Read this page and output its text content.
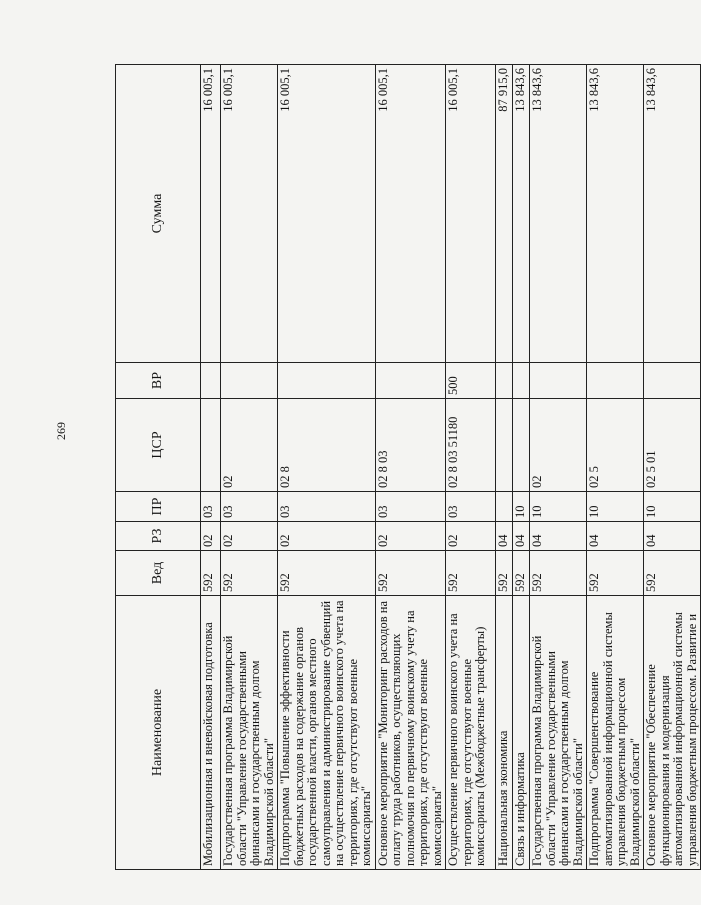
269
Наименование	Вед	РЗ	ПР	ЦСР	ВР	Сумма
Мобилизационная и вневойсковая подготовка	592	02	03			16 005,1
Государственная программа Владимирской области "Управление государственными финансами и государственным долгом Владимирской области"	592	02	03	02		16 005,1
Подпрограмма "Повышение эффективности бюджетных расходов на содержание органов государственной власти, органов местного самоуправления и администрирование субвенций на осуществление первичного воинского учета на территориях, где отсутствуют военные комиссариаты"	592	02	03	02 8		16 005,1
Основное мероприятие "Мониторинг расходов на оплату труда работников, осуществляющих полномочия по первичному воинскому учету на территориях, где отсутствуют военные комиссариаты"	592	02	03	02 8 03		16 005,1
Осуществление первичного воинского учета на территориях, где отсутствуют военные комиссариаты (Межбюджетные трансферты)	592	02	03	02 8 03 51180	500	16 005,1
Национальная экономика	592	04				87 915,0
Связь и информатика	592	04	10			13 843,6
Государственная программа Владимирской области "Управление государственными финансами и государственным долгом Владимирской области"	592	04	10	02		13 843,6
Подпрограмма "Совершенствование автоматизированной информационной системы управления бюджетным процессом Владимирской области"	592	04	10	02 5		13 843,6
Основное мероприятие "Обеспечение функционирования и модернизация автоматизированной информационной системы управления бюджетным процессом. Развитие и	592	04	10	02 5 01		13 843,6
